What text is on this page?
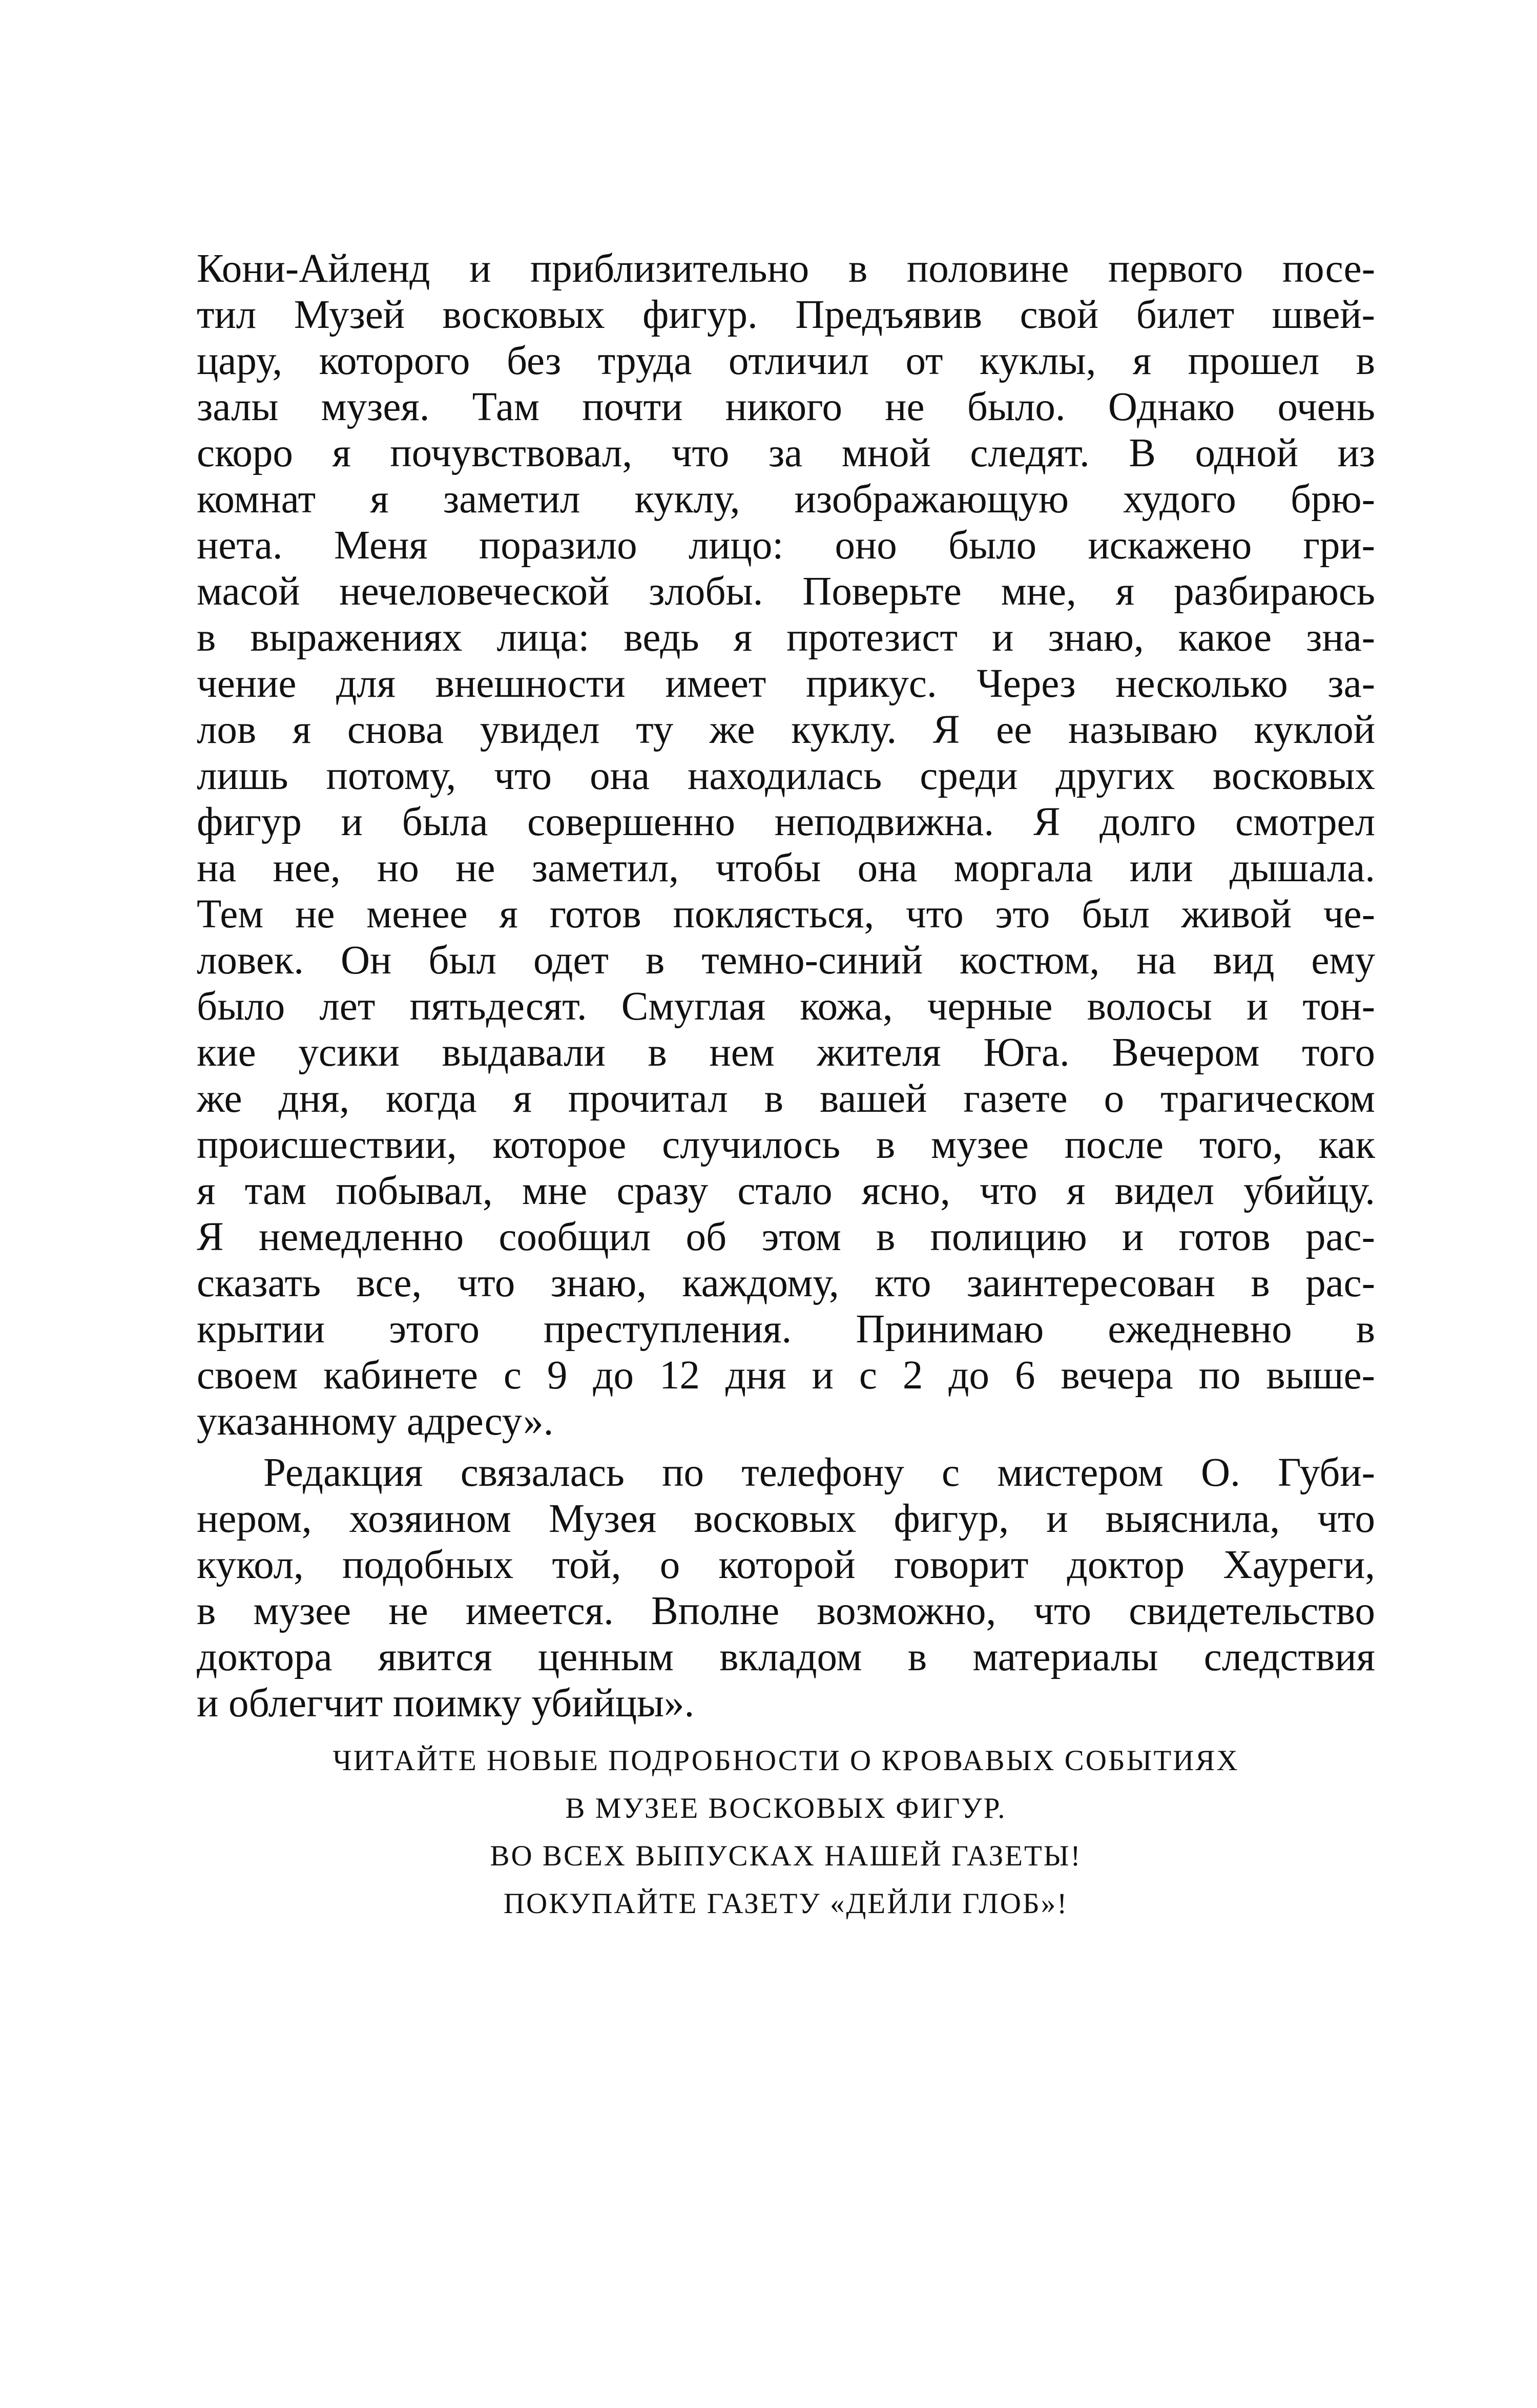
Кони-Айленд и приблизительно в половине первого посе-
тил Музей восковых фигур. Предъявив свой билет швей-
цару, которого без труда отличил от куклы, я прошел в
залы музея. Там почти никого не было. Однако очень
скоро я почувствовал, что за мной следят. В одной из
комнат я заметил куклу, изображающую худого брю-
нета. Меня поразило лицо: оно было искажено гри-
масой нечеловеческой злобы. Поверьте мне, я разбираюсь
в выражениях лица: ведь я протезист и знаю, какое зна-
чение для внешности имеет прикус. Через несколько за-
лов я снова увидел ту же куклу. Я ее называю куклой
лишь потому, что она находилась среди других восковых
фигур и была совершенно неподвижна. Я долго смотрел
на нее, но не заметил, чтобы она моргала или дышала.
Тем не менее я готов поклясться, что это был живой че-
ловек. Он был одет в темно-синий костюм, на вид ему
было лет пятьдесят. Смуглая кожа, черные волосы и тон-
кие усики выдавали в нем жителя Юга. Вечером того
же дня, когда я прочитал в вашей газете о трагическом
происшествии, которое случилось в музее после того, как
я там побывал, мне сразу стало ясно, что я видел убийцу.
Я немедленно сообщил об этом в полицию и готов рас-
сказать все, что знаю, каждому, кто заинтересован в рас-
крытии этого преступления. Принимаю ежедневно в
своем кабинете с 9 до 12 дня и с 2 до 6 вечера по выше-
указанному адресу».
Редакция связалась по телефону с мистером О. Губи-
нером, хозяином Музея восковых фигур, и выяснила, что
кукол, подобных той, о которой говорит доктор Хауреги,
в музее не имеется. Вполне возможно, что свидетельство
доктора явится ценным вкладом в материалы следствия
и облегчит поимку убийцы».
ЧИТАЙТЕ НОВЫЕ ПОДРОБНОСТИ О КРОВАВЫХ СОБЫТИЯХ
В МУЗЕЕ ВОСКОВЫХ ФИГУР.
ВО ВСЕХ ВЫПУСКАХ НАШЕЙ ГАЗЕТЫ!
ПОКУПАЙТЕ ГАЗЕТУ «ДЕЙЛИ ГЛОБ»!
